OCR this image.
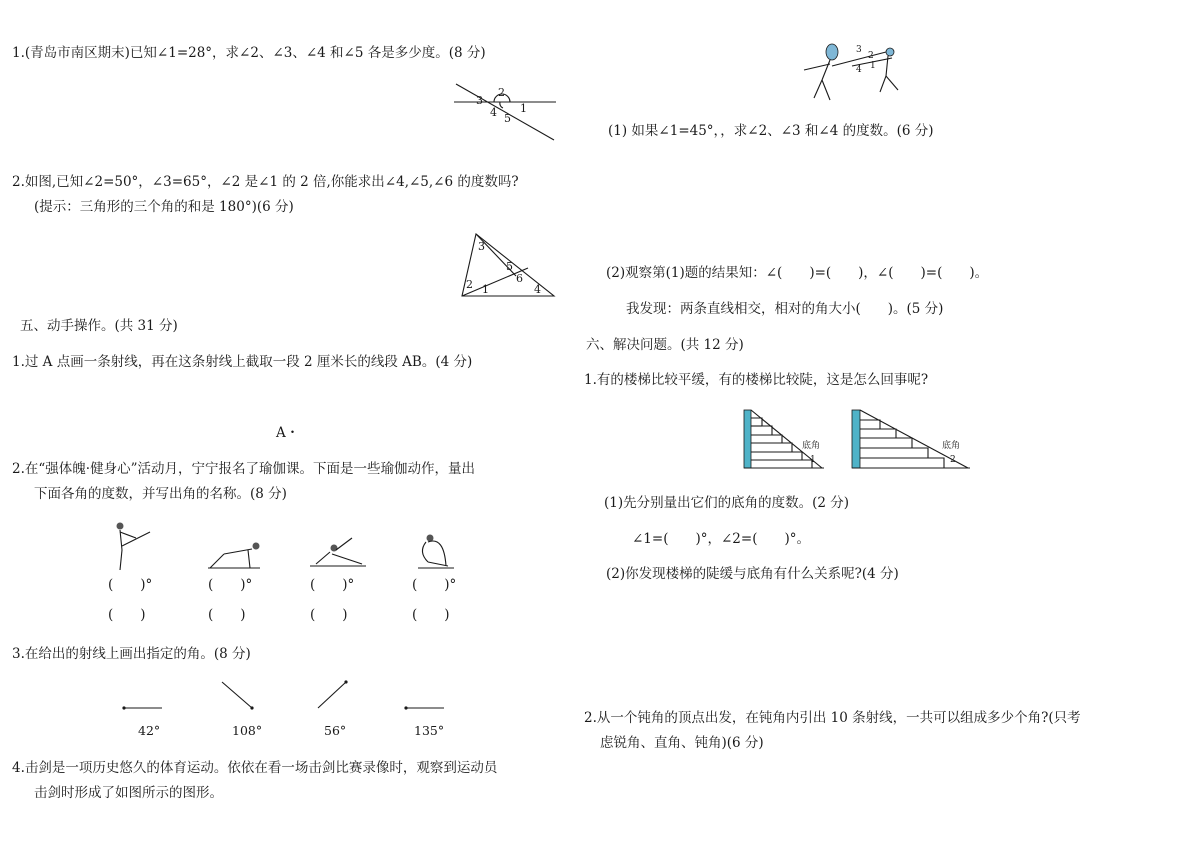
1.(青岛市南区期末)已知∠1=28°，求∠2、∠3、∠4 和∠5 各是多少度。(8 分)
2
3
1
4 5
2.如图,已知∠2=50°，∠3=65°，∠2 是∠1 的 2 倍,你能求出∠4,∠5,∠6 的度数吗?
(提示：三角形的三个角的和是 180°)(6 分)
3
5
6
2 1	4
五、动手操作。(共 31 分)
1.过 A 点画一条射线，再在这条射线上截取一段 2 厘米长的线段 AB。(4 分)
A・
2.在“强体魄·健身心”活动月，宁宁报名了瑜伽课。下面是一些瑜伽动作，量出
下面各角的度数，并写出角的名称。(8 分)
(　　)°	(　　)°	(　　)°	(　　)°
(　　)	(　　)	(　　)	(　　)
3.在给出的射线上画出指定的角。(8 分)
42°	108°	56°	135°
4.击剑是一项历史悠久的体育运动。依依在看一场击剑比赛录像时，观察到运动员
击剑时形成了如图所示的图形。
3
2
4 1
(1) 如果∠1=45°，，求∠2、∠3 和∠4 的度数。(6 分)
(2)观察第(1)题的结果知：∠(　　)=(　　)，∠(　　)=(　　)。
我发现：两条直线相交，相对的角大小(　　)。(5 分)
六、解决问题。(共 12 分)
1.有的楼梯比较平缓，有的楼梯比较陡，这是怎么回事呢?
底角
1
底角
2
(1)先分别量出它们的底角的度数。(2 分)
∠1=(　　)°，∠2=(　　)°。
(2)你发现楼梯的陡缓与底角有什么关系呢?(4 分)
2.从一个钝角的顶点出发，在钝角内引出 10 条射线，一共可以组成多少个角?(只考
虑锐角、直角、钝角)(6 分)
